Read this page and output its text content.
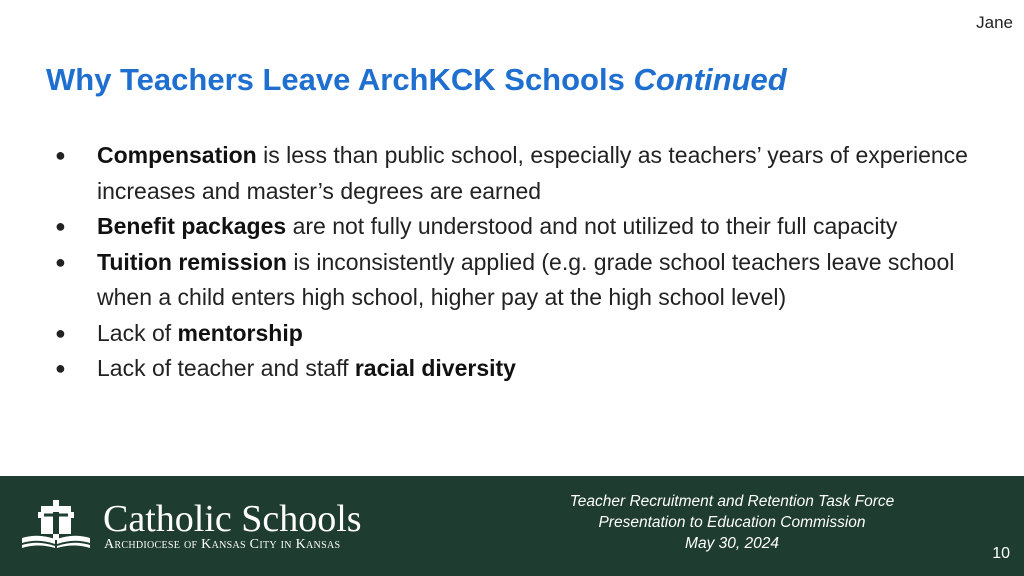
Jane
Why Teachers Leave ArchKCK Schools Continued
● Compensation is less than public school, especially as teachers’ years of experience increases and master’s degrees are earned
● Benefit packages are not fully understood and not utilized to their full capacity
● Tuition remission is inconsistently applied (e.g. grade school teachers leave school when a child enters high school, higher pay at the high school level)
● Lack of mentorship
● Lack of teacher and staff racial diversity
Catholic Schools
Archdiocese of Kansas City in Kansas
Teacher Recruitment and Retention Task Force
Presentation to Education Commission
May 30, 2024
10
